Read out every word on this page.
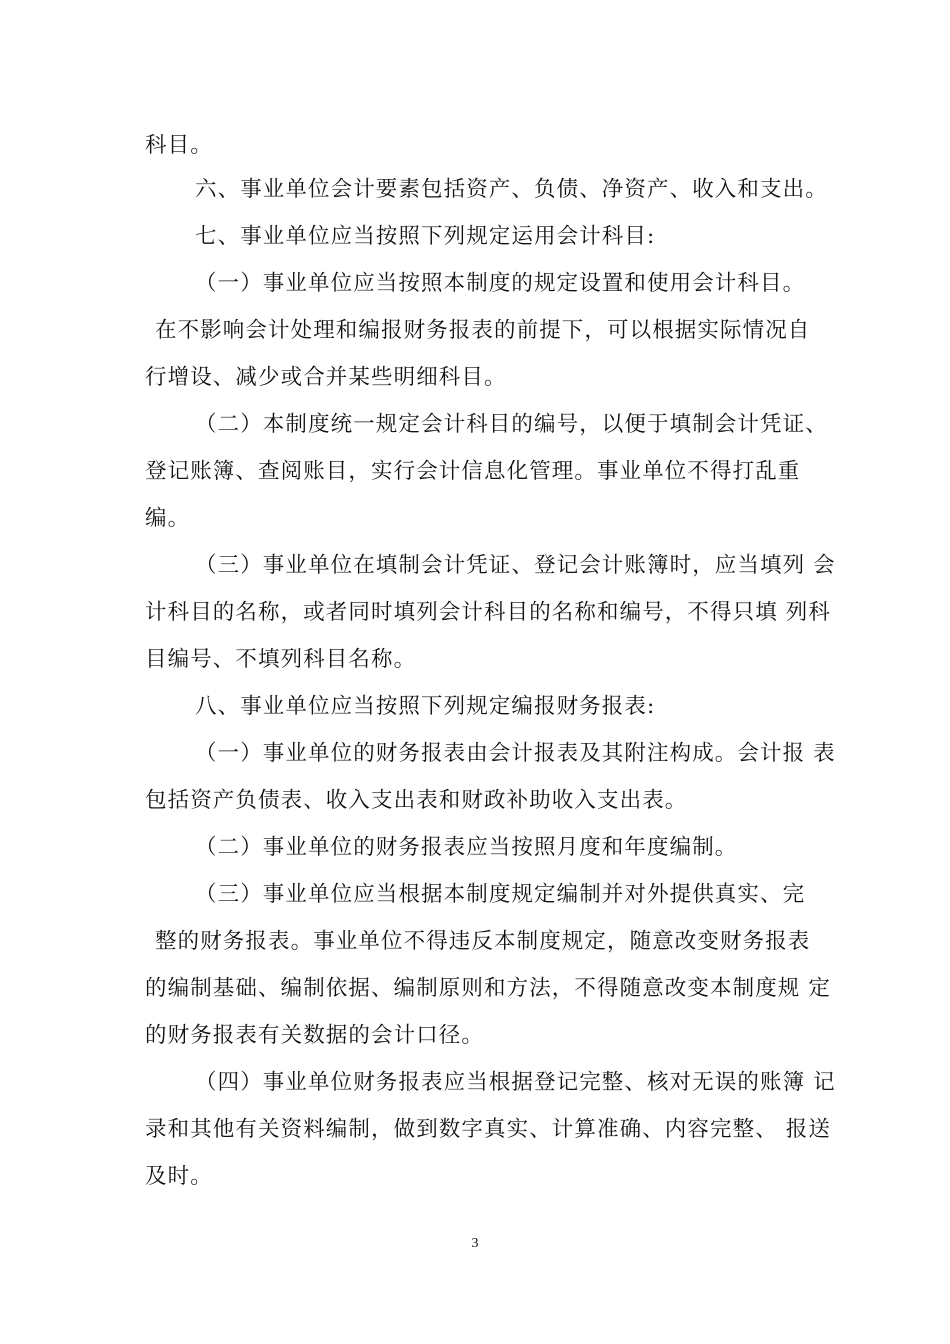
科目。
六、事业单位会计要素包括资产、负债、净资产、收入和支出。
七、事业单位应当按照下列规定运用会计科目:
（一）事业单位应当按照本制度的规定设置和使用会计科目。
在不影响会计处理和编报财务报表的前提下，可以根据实际情况自
行增设、减少或合并某些明细科目。
（二）本制度统一规定会计科目的编号，以便于填制会计凭证、
登记账簿、查阅账目，实行会计信息化管理。事业单位不得打乱重
编。
（三）事业单位在填制会计凭证、登记会计账簿时，应当填列 会
计科目的名称，或者同时填列会计科目的名称和编号，不得只填 列科
目编号、不填列科目名称。
八、事业单位应当按照下列规定编报财务报表:
（一）事业单位的财务报表由会计报表及其附注构成。会计报 表
包括资产负债表、收入支出表和财政补助收入支出表。
（二）事业单位的财务报表应当按照月度和年度编制。
（三）事业单位应当根据本制度规定编制并对外提供真实、完
整的财务报表。事业单位不得违反本制度规定，随意改变财务报表
的编制基础、编制依据、编制原则和方法，不得随意改变本制度规 定
的财务报表有关数据的会计口径。
（四）事业单位财务报表应当根据登记完整、核对无误的账簿 记
录和其他有关资料编制，做到数字真实、计算准确、内容完整、 报送
及时。
3
